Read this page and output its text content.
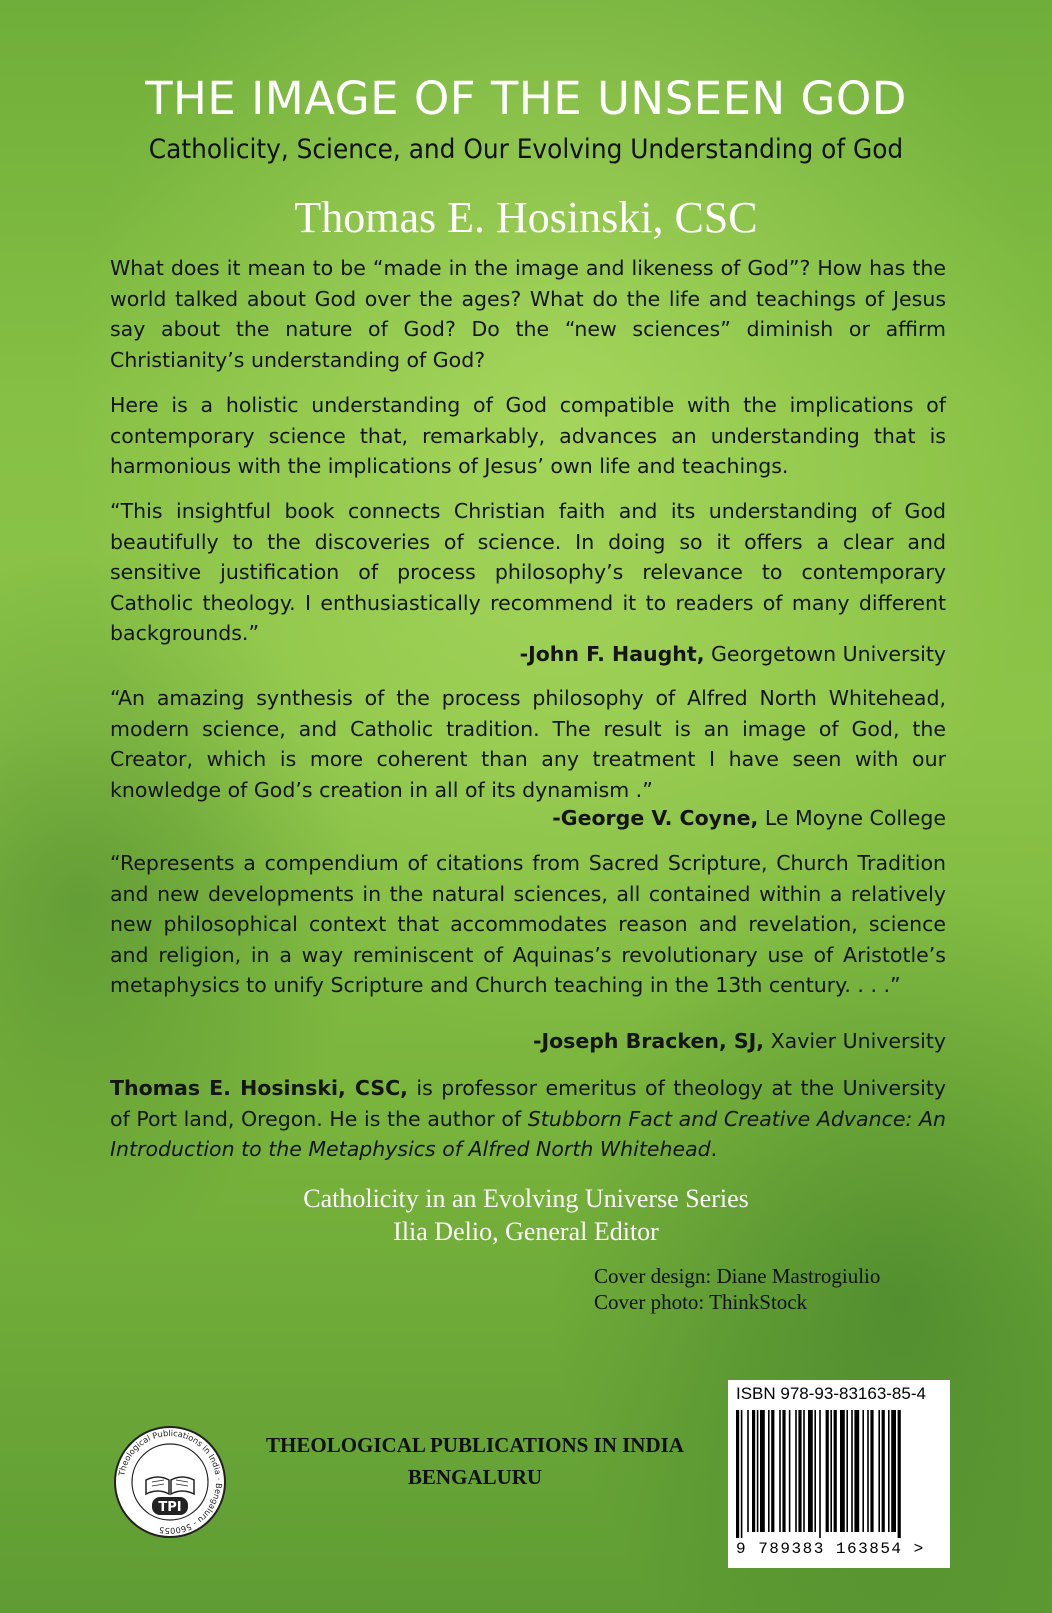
THE IMAGE OF THE UNSEEN GOD
Catholicity, Science, and Our Evolving Understanding of God
Thomas E. Hosinski, CSC

What does it mean to be “made in the image and likeness of God”? How has the world talked about God over the ages? What do the life and teachings of Jesus say about the nature of God? Do the “new sciences” diminish or affirm Christianity’s understanding of God?

Here is a holistic understanding of God compatible with the implications of contemporary science that, remarkably, advances an understanding that is harmonious with the implications of Jesus’ own life and teachings.

“This insightful book connects Christian faith and its understanding of God beautifully to the discoveries of science. In doing so it offers a clear and sensitive justification of process philosophy’s relevance to contemporary Catholic theology. I enthusiastically recommend it to readers of many different backgrounds.”

-John F. Haught, Georgetown University

“An amazing synthesis of the process philosophy of Alfred North Whitehead, modern science, and Catholic tradition. The result is an image of God, the Creator, which is more coherent than any treatment I have seen with our knowledge of God’s creation in all of its dynamism .”

-George V. Coyne, Le Moyne College

“Represents a compendium of citations from Sacred Scripture, Church Tradition and new developments in the natural sciences, all contained within a relatively new philosophical context that accommodates reason and revelation, science and religion, in a way reminiscent of Aquinas’s revolutionary use of Aristotle’s metaphysics to unify Scripture and Church teaching in the 13th century. . . .”

-Joseph Bracken, SJ, Xavier University

Thomas E. Hosinski, CSC, is professor emeritus of theology at the University of Port land, Oregon. He is the author of Stubborn Fact and Creative Advance: An Introduction to the Metaphysics of Alfred North Whitehead.

Catholicity in an Evolving Universe Series
Ilia Delio, General Editor
Cover design: Diane Mastrogiulio
Cover photo: ThinkStock
Theological Publications in India · Bengaluru - 560055
TPI
THEOLOGICAL PUBLICATIONS IN INDIA
BENGALURU
ISBN 978-93-83163-85-4
9 789383 163854 >
